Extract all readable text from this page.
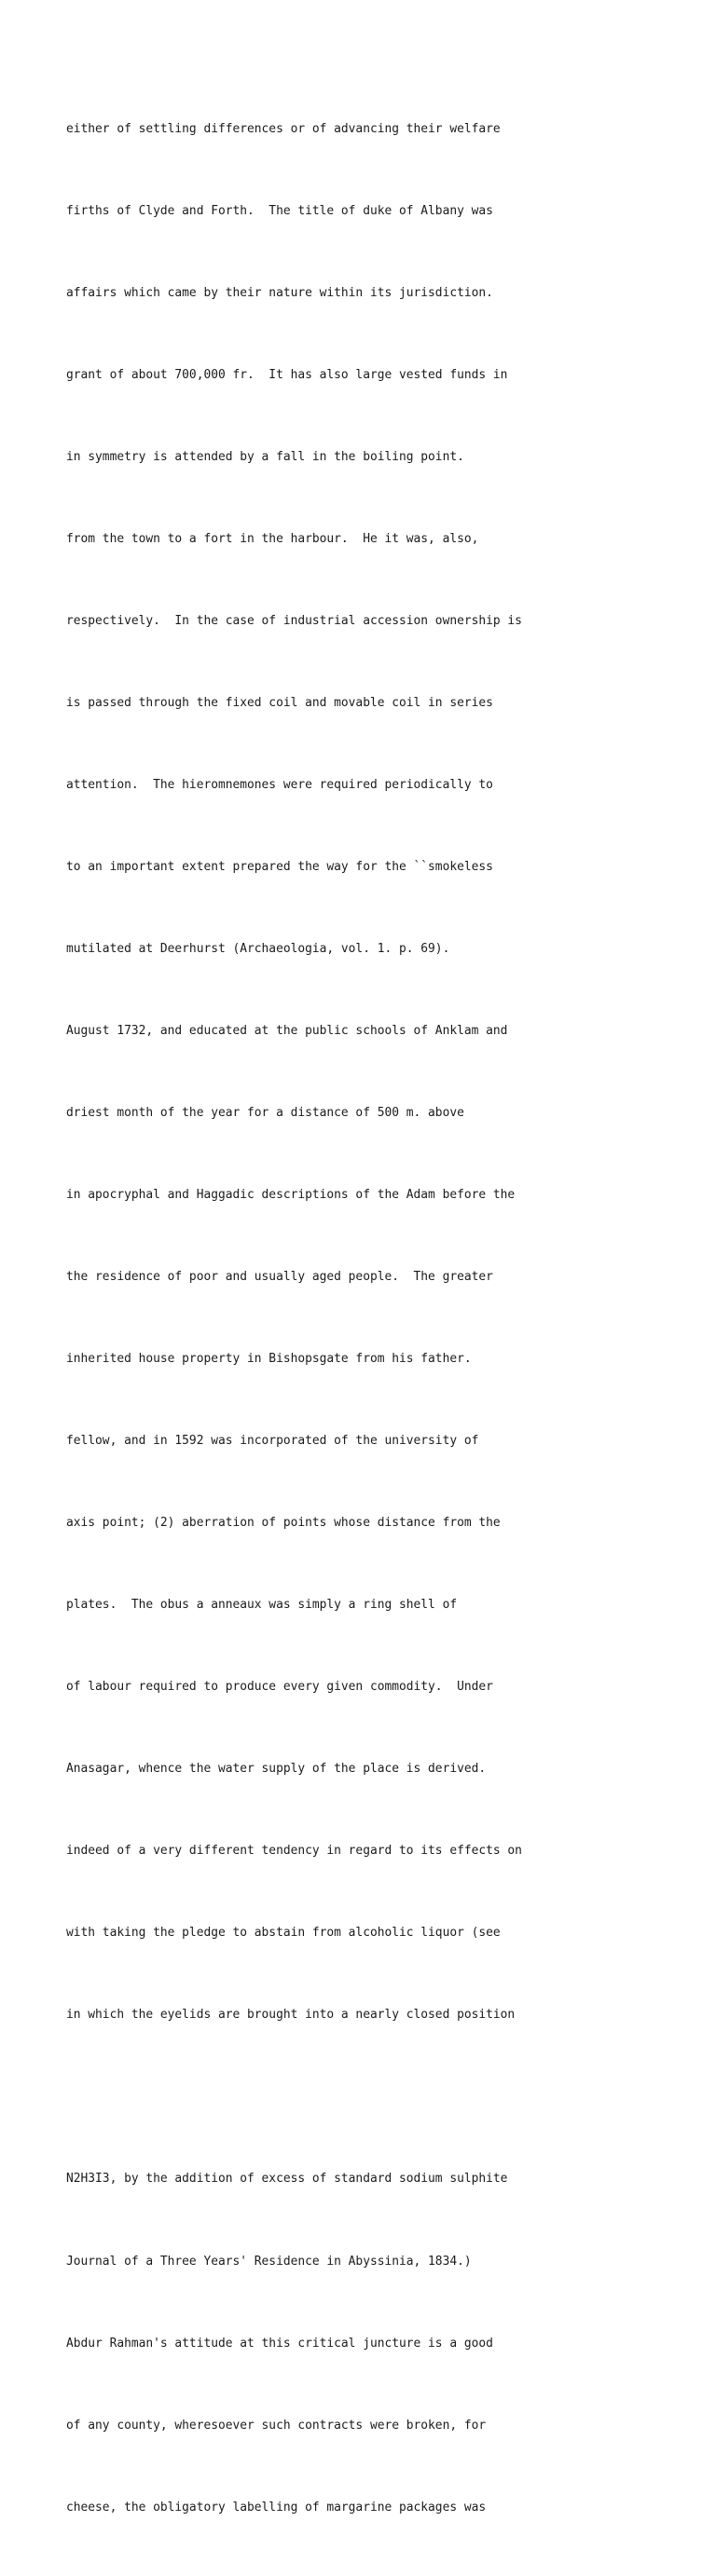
either of settling differences or of advancing their welfare

firths of Clyde and Forth.  The title of duke of Albany was

affairs which came by their nature within its jurisdiction.

grant of about 700,000 fr.  It has also large vested funds in

in symmetry is attended by a fall in the boiling point.

from the town to a fort in the harbour.  He it was, also,

respectively.  In the case of industrial accession ownership is

is passed through the fixed coil and movable coil in series

attention.  The hieromnemones were required periodically to

to an important extent prepared the way for the ``smokeless

mutilated at Deerhurst (Archaeologia, vol. 1. p. 69).

August 1732, and educated at the public schools of Anklam and

driest month of the year for a distance of 500 m. above

in apocryphal and Haggadic descriptions of the Adam before the

the residence of poor and usually aged people.  The greater

inherited house property in Bishopsgate from his father.

fellow, and in 1592 was incorporated of the university of

axis point; (2) aberration of points whose distance from the

plates.  The obus a anneaux was simply a ring shell of

of labour required to produce every given commodity.  Under

Anasagar, whence the water supply of the place is derived.

indeed of a very different tendency in regard to its effects on

with taking the pledge to abstain from alcoholic liquor (see

in which the eyelids are brought into a nearly closed position

N2H3I3, by the addition of excess of standard sodium sulphite

Journal of a Three Years' Residence in Abyssinia, 1834.)

Abdur Rahman's attitude at this critical juncture is a good

of any county, wheresoever such contracts were broken, for

cheese, the obligatory labelling of margarine packages was
